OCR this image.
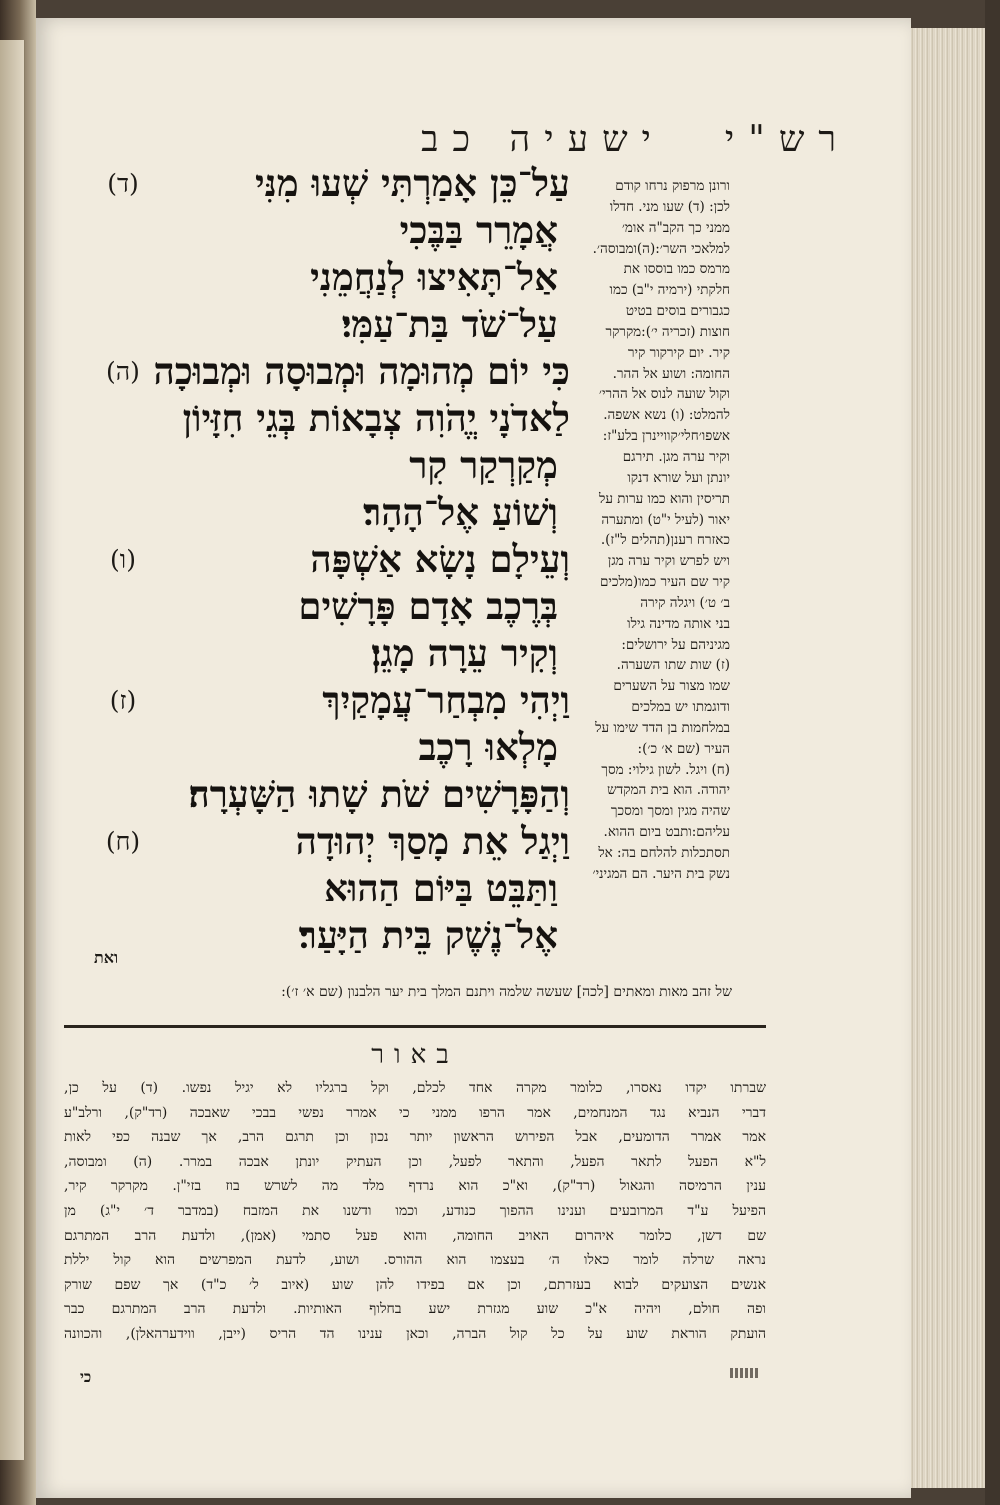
ישעיה כב	רש"י
(ד)	עַל־כֵּן אָמַרְתִּי שְׁעוּ מִנִּי
אֲמָרֵר בַּבֶּכִי
אַל־תָּאִיצוּ לְנַחֲמֵנִי
עַל־שֹׁד בַּת־עַמִּי׃
(ה) כִּי יוֹם מְהוּמָה וּמְבוּסָה וּמְבוּכָה
לַאדֹנָי יֱהֹוִה צְבָאוֹת בְּגֵי חִזָּיוֹן
מְקַרְקַר קִר
וְשׁוֹעַ אֶל־הָהָר׃
(ו)	וְעֵילָם נָשָׂא אַשְׁפָּה
בְּרֶכֶב אָדָם פָּרָשִׁים
וְקִיר עֵרָה מָגֵן׃
(ז)	וַיְהִי מִבְחַר־עֲמָקַיִךְ
מָלְאוּ רָכֶב
וְהַפָּרָשִׁים שֹׁת שָׁתוּ הַשָּׁעְרָה׃
(ח)	וַיְגַל אֵת מָסַךְ יְהוּדָה
וַתַּבֵּט בַּיּוֹם הַהוּא
אֶל־נֶשֶׁק בֵּית הַיָּעַר׃
ורונן מרפוק נרחו קודם
לכן: (ד) שעו מני. חדלו
ממני כך הקב"ה אומ׳
למלאכי השר׳:(ה)ומבוסה׳.
מרמס כמו בוססו את
חלקתי (ירמיה י"ב) כמו
כגבורים בוסים בטיט
חוצות (זכריה י׳):מקרקר
קיר. יום קירקור קיר
החומה: ושוע אל ההר.
וקול שועה לנוס אל ההרי׳
להמלט: (ו) נשא אשפה.
אשפו׳חלי׳קוויינרן בלע"ז:
וקיר ערה מגן. תירגם
יונתן ועל שורא דנקו
תריסין והוא כמו ערות על
יאור (לעיל י"ט) ומתערה
כאזרח רענן(תהלים ל"ז).
ויש לפרש וקיר ערה מגן
קיר שם העיר כמו(מלכים
ב׳ ט׳) ויגלה קירה
בני אותה מדינה גילו
מגיניהם על ירושלים:
(ז) שות שתו השערה.
שמו מצור על השערים
ודוגמתו יש במלכים
במלחמות בן הדד שימו על
העיר (שם א׳ כ׳):
(ח) ויגל. לשון גילוי: מסך
יהודה. הוא בית המקדש
שהיה מגין ומסך ומסכך
עליהם:ותבט ביום ההוא.
תסתכלות להלחם בה: אל
נשק בית היער. הם המגיני׳
ואת
של זהב מאות ומאתים [לכה] שעשה שלמה ויתנם המלך בית יער הלבנון (שם א׳ ז׳):
באור
שברתו יקדו נאסרו, כלומר מקרה אחד לכלם, וקל ברגליו לא יגיל נפשו. (ד) על כן,
דברי הנביא נגד המנחמים, אמר הרפו ממני כי אמרר נפשי בבכי שאבכה (רד"ק), ורלב"ע
אמר אמרר הדומעים, אבל הפירוש הראשון יותר נכון וכן תרגם הרב, אך שבנה כפי לאות
ל"א הפעל לתאר הפעל, והתאר לפעל, וכן העתיק יונתן אבכה במרר. (ה) ומבוסה,
ענין הרמיסה והגאול (רד"ק), וא"כ הוא נרדף מלד מה לשרש בוז בזי"ן. מקרקר קיר,
הפיעל ע"ד המרובעים וענינו ההפוך כנודע, וכמו ודשנו את המזבח (במדבר ד׳ י"ג) מן
שם דשן, כלומר איהרום האויב החומה, והוא פעל סתמי (אמן), ולדעת הרב המתרגם
נראה שרלה לומר כאלו ה׳ בעצמו הוא ההורס. ושוע, לדעת המפרשים הוא קול יללת
אנשים הצועקים לבוא בעזרתם, וכן אם בפידו להן שוע (איוב ל׳ כ"ד) אך שפם שורק
ופה חולם, ויהיה א"כ שוע מגזרת ישע בחלוף האותיות. ולדעת הרב המתרגם כבר
הועתק הוראת שוע על כל קול הברה, וכאן ענינו הד הריס (ייבן, ווידערהאלן), והכוונה
כי
